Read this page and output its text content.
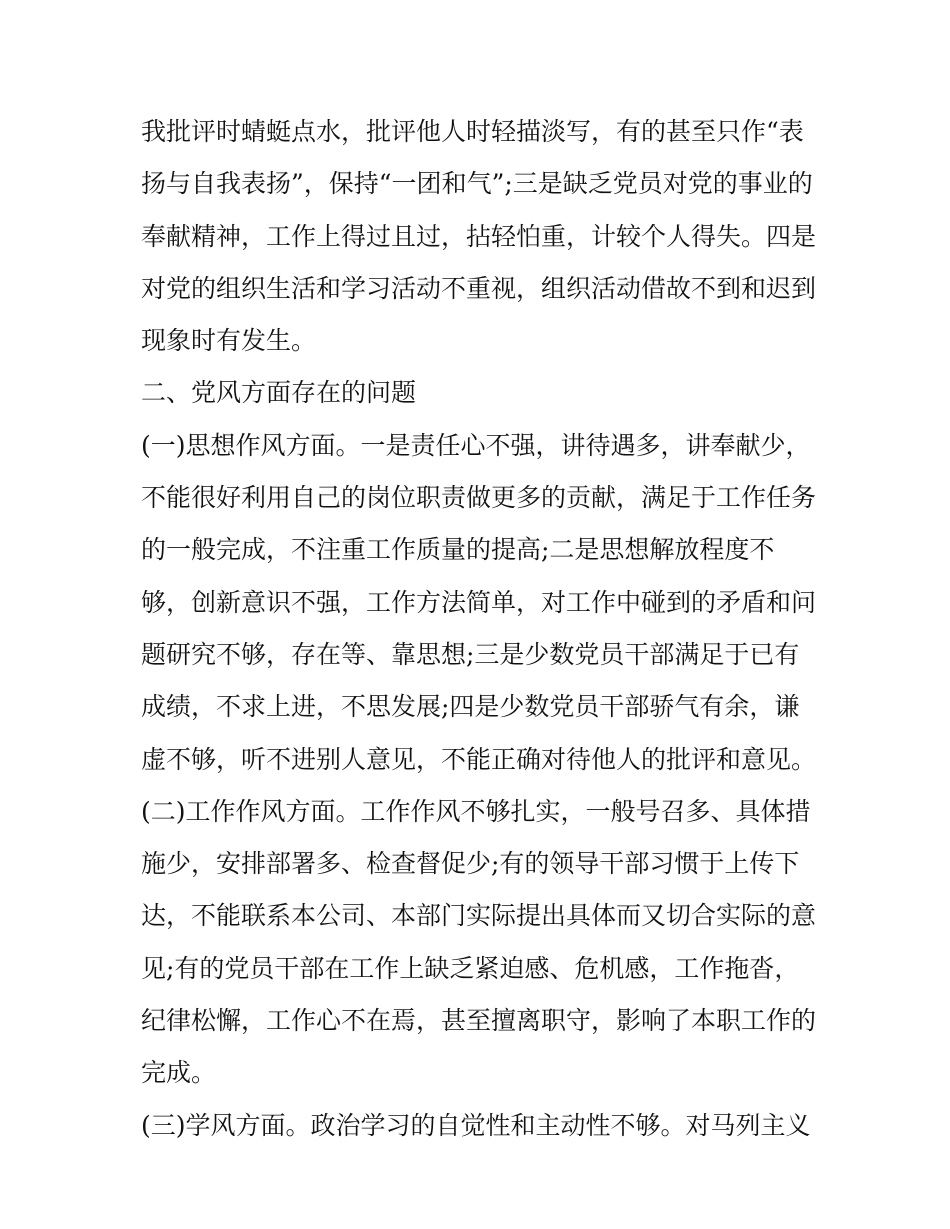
我批评时蜻蜓点水，批评他人时轻描淡写，有的甚至只作“表
扬与自我表扬”，保持“一团和气”;三是缺乏党员对党的事业的
奉献精神，工作上得过且过，拈轻怕重，计较个人得失。四是
对党的组织生活和学习活动不重视，组织活动借故不到和迟到
现象时有发生。
二、党风方面存在的问题
(一)思想作风方面。一是责任心不强，讲待遇多，讲奉献少，
不能很好利用自己的岗位职责做更多的贡献，满足于工作任务
的一般完成，不注重工作质量的提高;二是思想解放程度不
够，创新意识不强，工作方法简单，对工作中碰到的矛盾和问
题研究不够，存在等、靠思想;三是少数党员干部满足于已有
成绩，不求上进，不思发展;四是少数党员干部骄气有余，谦
虚不够，听不进别人意见，不能正确对待他人的批评和意见。
(二)工作作风方面。工作作风不够扎实，一般号召多、具体措
施少，安排部署多、检查督促少;有的领导干部习惯于上传下
达，不能联系本公司、本部门实际提出具体而又切合实际的意
见;有的党员干部在工作上缺乏紧迫感、危机感，工作拖沓，
纪律松懈，工作心不在焉，甚至擅离职守，影响了本职工作的
完成。
(三)学风方面。政治学习的自觉性和主动性不够。对马列主义
